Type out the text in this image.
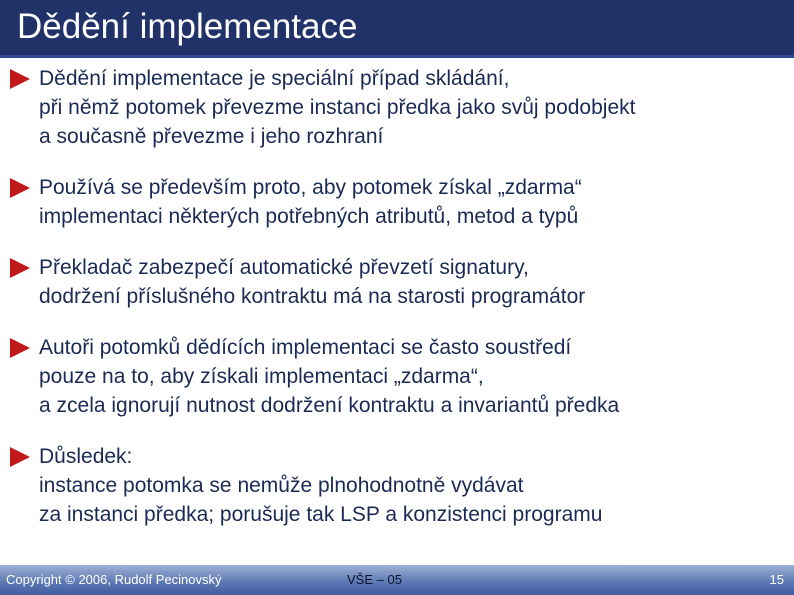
Dědění implementace
Dědění implementace je speciální případ skládání,
při němž potomek převezme instanci předka jako svůj podobjekt
a současně převezme i jeho rozhraní
Používá se především proto, aby potomek získal „zdarma“
implementaci některých potřebných atributů, metod a typů
Překladač zabezpečí automatické převzetí signatury,
dodržení příslušného kontraktu má na starosti programátor
Autoři potomků dědících implementaci se často soustředí
pouze na to, aby získali implementaci „zdarma“,
a zcela ignorují nutnost dodržení kontraktu a invariantů předka
Důsledek:
instance potomka se nemůže plnohodnotně vydávat
za instanci předka; porušuje tak LSP a konzistenci programu
Copyright © 2006, Rudolf Pecinovský	VŠE – 05	15
